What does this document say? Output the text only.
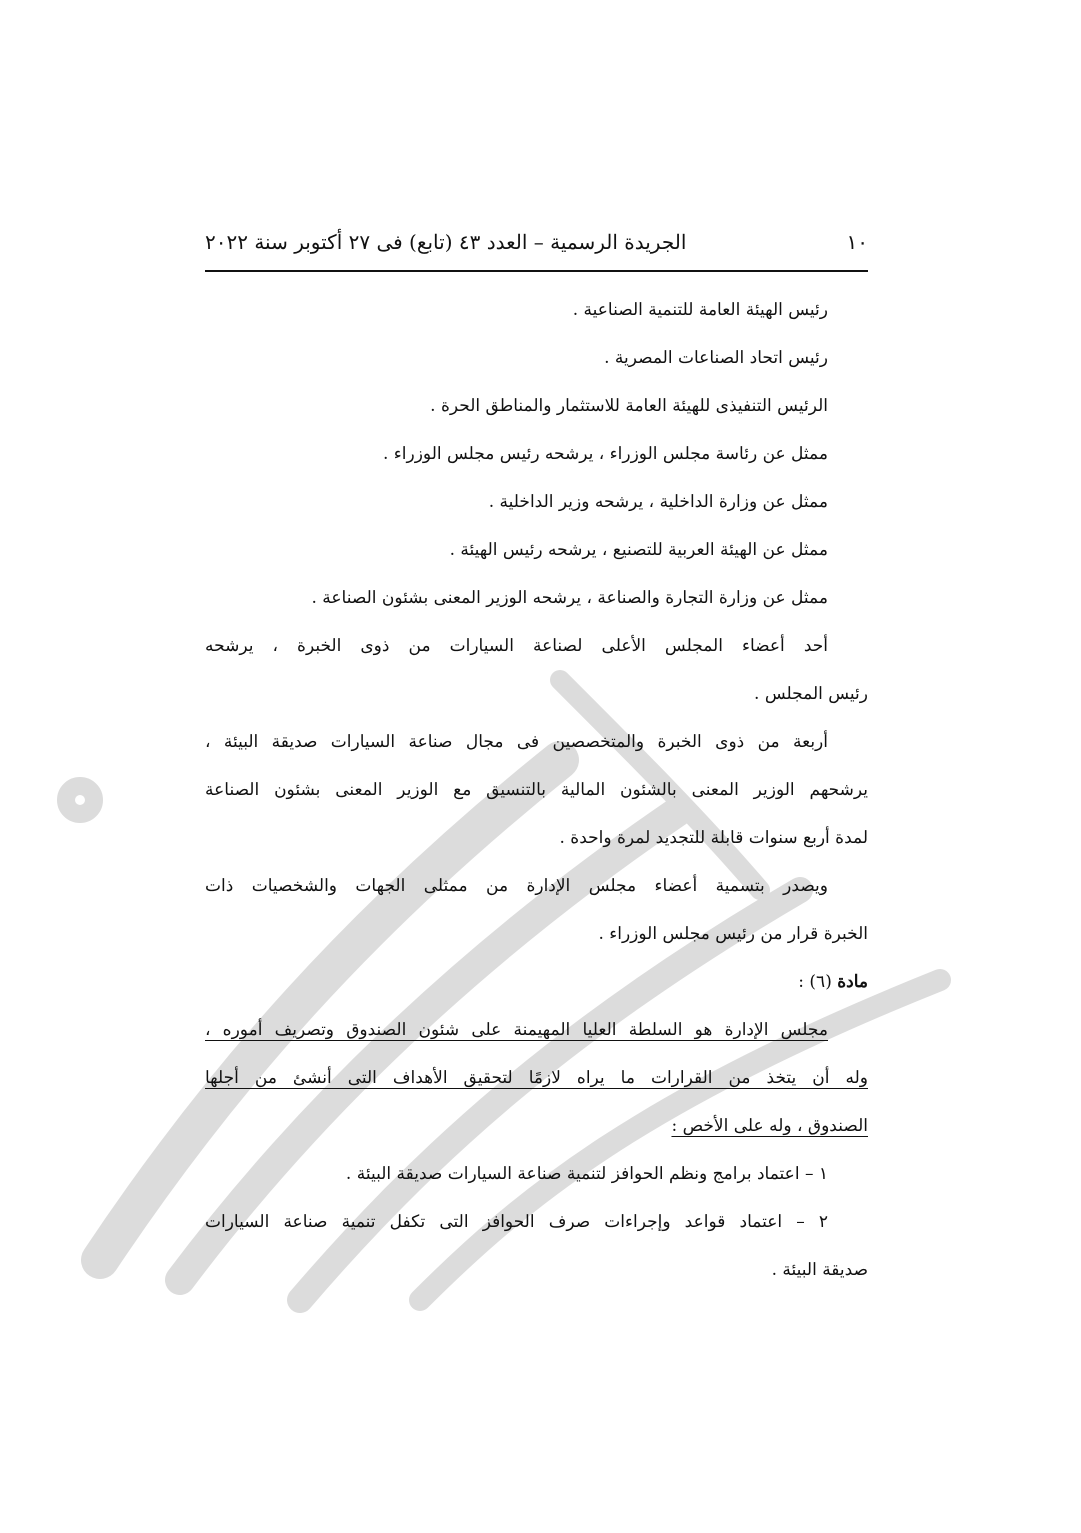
١٠
الجريدة الرسمية – العدد ٤٣ (تابع) فى ٢٧ أكتوبر سنة ٢٠٢٢
رئيس الهيئة العامة للتنمية الصناعية .
رئيس اتحاد الصناعات المصرية .
الرئيس التنفيذى للهيئة العامة للاستثمار والمناطق الحرة .
ممثل عن رئاسة مجلس الوزراء ، يرشحه رئيس مجلس الوزراء .
ممثل عن وزارة الداخلية ، يرشحه وزير الداخلية .
ممثل عن الهيئة العربية للتصنيع ، يرشحه رئيس الهيئة .
ممثل عن وزارة التجارة والصناعة ، يرشحه الوزير المعنى بشئون الصناعة .
أحد أعضاء المجلس الأعلى لصناعة السيارات من ذوى الخبرة ، يرشحه
رئيس المجلس .
أربعة من ذوى الخبرة والمتخصصين فى مجال صناعة السيارات صديقة البيئة ،
يرشحهم الوزير المعنى بالشئون المالية بالتنسيق مع الوزير المعنى بشئون الصناعة
لمدة أربع سنوات قابلة للتجديد لمرة واحدة .
ويصدر بتسمية أعضاء مجلس الإدارة من ممثلى الجهات والشخصيات ذات
الخبرة قرار من رئيس مجلس الوزراء .
مادة (٦) :
مجلس الإدارة هو السلطة العليا المهيمنة على شئون الصندوق وتصريف أموره ،
وله أن يتخذ من القرارات ما يراه لازمًا لتحقيق الأهداف التى أنشئ من أجلها
الصندوق ، وله على الأخص :
١ – اعتماد برامج ونظم الحوافز لتنمية صناعة السيارات صديقة البيئة .
٢ – اعتماد قواعد وإجراءات صرف الحوافز التى تكفل تنمية صناعة السيارات
صديقة البيئة .
